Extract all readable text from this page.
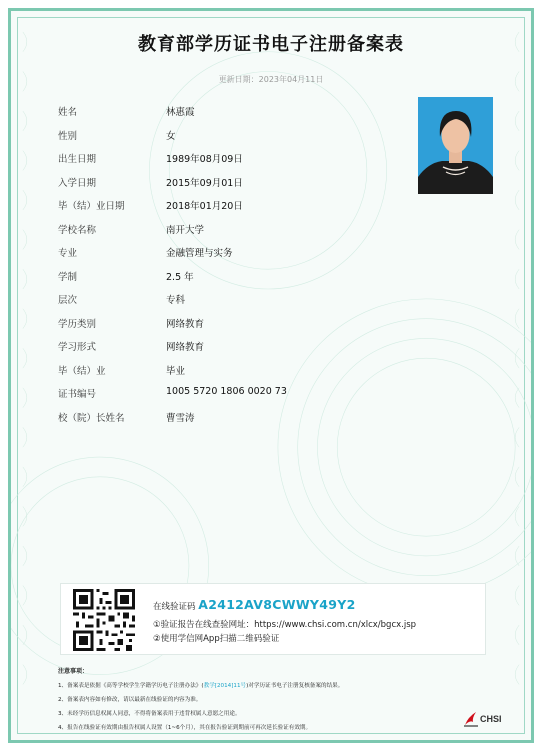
教育部学历证书电子注册备案表
更新日期：2023年04月11日
姓名	林惠霞
性别	女
出生日期	1989年08月09日
入学日期	2015年09月01日
毕（结）业日期	2018年01月20日
学校名称	南开大学
专业	金融管理与实务
学制	2.5 年
层次	专科
学历类别	网络教育
学习形式	网络教育
毕（结）业	毕业
证书编号	1005 5720 1806 0020 73
校（院）长姓名	曹雪涛
在线验证码 A2412AV8CWWY49Y2
①验证报告在线查验网址：https://www.chsi.com.cn/xlcx/bgcx.jsp
②使用学信网App扫描二维码验证
注意事项：
1、备案表是依据《高等学校学生学籍学历电子注册办法》(教学[2014]11号)对学历证书电子注册复核备案的结果。
2、备案表内容如有修改，请以最新在线验证的内容为准。
3、未经学历信息权属人同意，不得将备案表用于违背权属人意愿之用途。
4、报告在线验证有效期由报告权属人设置（1~6个月），其在报告验证到期前可再次延长验证有效期。
CHSI
